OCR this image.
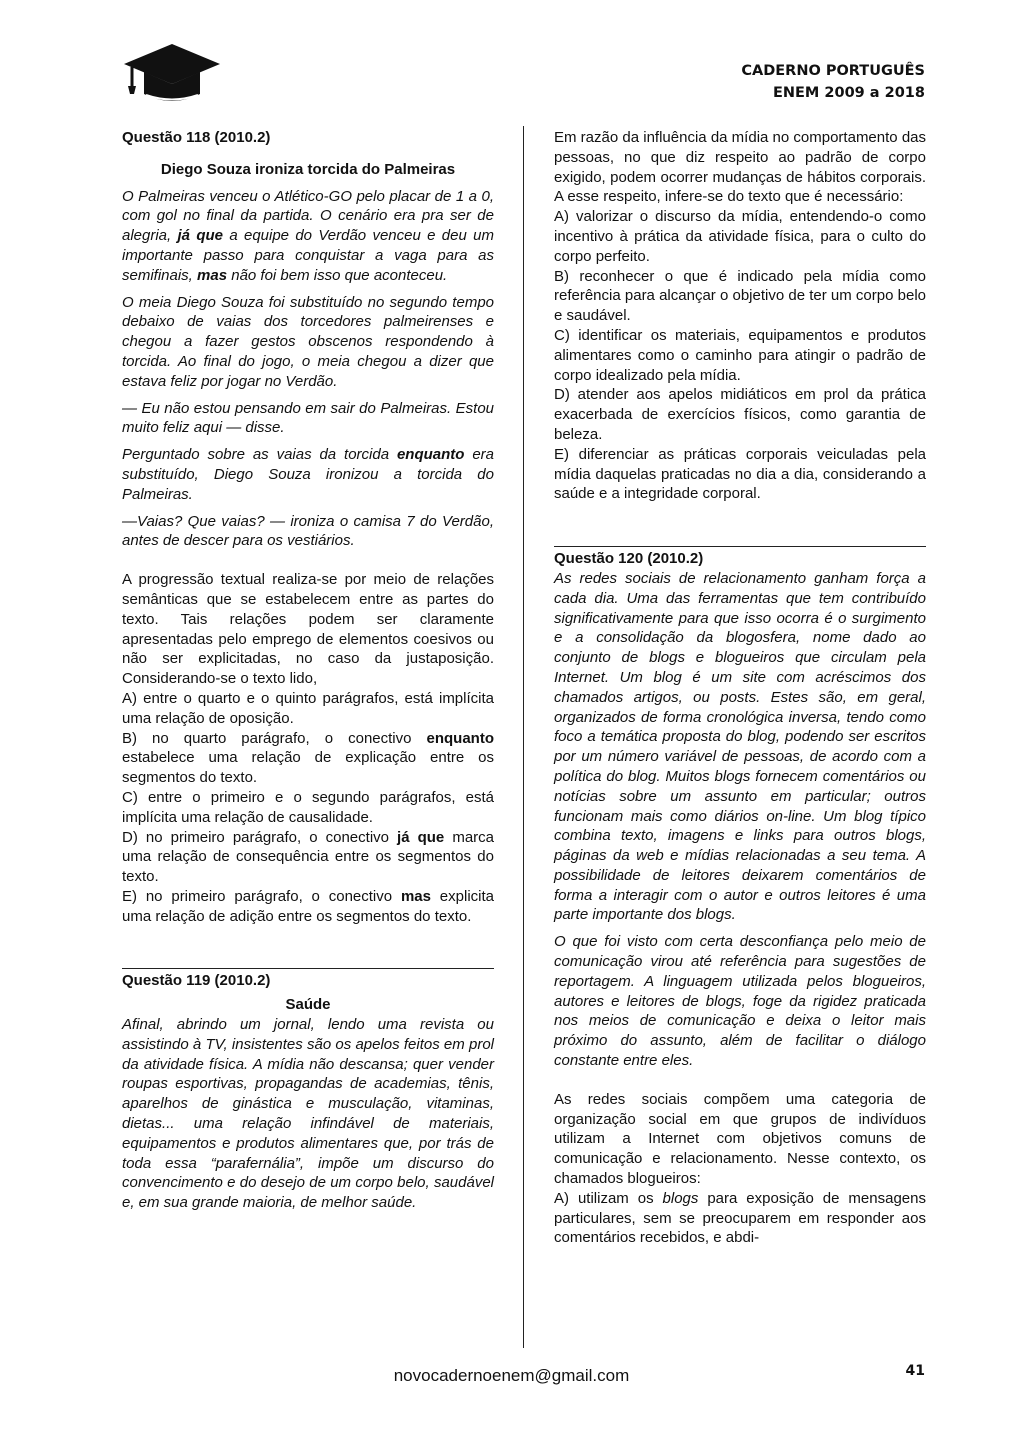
CADERNO PORTUGUÊS
ENEM 2009 a 2018

Questão 118 (2010.2)

Diego Souza ironiza torcida do Palmeiras

O Palmeiras venceu o Atlético-GO pelo placar de 1 a 0, com gol no final da partida. O cenário era pra ser de alegria, já que a equipe do Verdão venceu e deu um importante passo para conquistar a vaga para as semifinais, mas não foi bem isso que aconteceu.

O meia Diego Souza foi substituído no segundo tempo debaixo de vaias dos torcedores palmeirenses e chegou a fazer gestos obscenos respondendo à torcida. Ao final do jogo, o meia chegou a dizer que estava feliz por jogar no Verdão.

— Eu não estou pensando em sair do Palmeiras. Estou muito feliz aqui — disse.

Perguntado sobre as vaias da torcida enquanto era substituído, Diego Souza ironizou a torcida do Palmeiras.

—Vaias? Que vaias? — ironiza o camisa 7 do Verdão, antes de descer para os vestiários.

A progressão textual realiza-se por meio de relações semânticas que se estabelecem entre as partes do texto. Tais relações podem ser claramente apresentadas pelo emprego de elementos coesivos ou não ser explicitadas, no caso da justaposição. Considerando-se o texto lido,

A) entre o quarto e o quinto parágrafos, está implícita uma relação de oposição.

B) no quarto parágrafo, o conectivo enquanto estabelece uma relação de explicação entre os segmentos do texto.

C) entre o primeiro e o segundo parágrafos, está implícita uma relação de causalidade.

D) no primeiro parágrafo, o conectivo já que marca uma relação de consequência entre os segmentos do texto.

E) no primeiro parágrafo, o conectivo mas explicita uma relação de adição entre os segmentos do texto.

Questão 119 (2010.2)

Saúde

Afinal, abrindo um jornal, lendo uma revista ou assistindo à TV, insistentes são os apelos feitos em prol da atividade física. A mídia não descansa; quer vender roupas esportivas, propagandas de academias, tênis, aparelhos de ginástica e musculação, vitaminas, dietas... uma relação infindável de materiais, equipamentos e produtos alimentares que, por trás de toda essa “parafernália”, impõe um discurso do convencimento e do desejo de um corpo belo, saudável e, em sua grande maioria, de melhor saúde.

Em razão da influência da mídia no comportamento das pessoas, no que diz respeito ao padrão de corpo exigido, podem ocorrer mudanças de hábitos corporais. A esse respeito, infere-se do texto que é necessário:

A) valorizar o discurso da mídia, entendendo-o como incentivo à prática da atividade física, para o culto do corpo perfeito.

B) reconhecer o que é indicado pela mídia como referência para alcançar o objetivo de ter um corpo belo e saudável.

C) identificar os materiais, equipamentos e produtos alimentares como o caminho para atingir o padrão de corpo idealizado pela mídia.

D) atender aos apelos midiáticos em prol da prática exacerbada de exercícios físicos, como garantia de beleza.

E) diferenciar as práticas corporais veiculadas pela mídia daquelas praticadas no dia a dia, considerando a saúde e a integridade corporal.

Questão 120 (2010.2)

As redes sociais de relacionamento ganham força a cada dia. Uma das ferramentas que tem contribuído significativamente para que isso ocorra é o surgimento e a consolidação da blogosfera, nome dado ao conjunto de blogs e blogueiros que circulam pela Internet. Um blog é um site com acréscimos dos chamados artigos, ou posts. Estes são, em geral, organizados de forma cronológica inversa, tendo como foco a temática proposta do blog, podendo ser escritos por um número variável de pessoas, de acordo com a política do blog. Muitos blogs fornecem comentários ou notícias sobre um assunto em particular; outros funcionam mais como diários on-line. Um blog típico combina texto, imagens e links para outros blogs, páginas da web e mídias relacionadas a seu tema. A possibilidade de leitores deixarem comentários de forma a interagir com o autor e outros leitores é uma parte importante dos blogs.

O que foi visto com certa desconfiança pelo meio de comunicação virou até referência para sugestões de reportagem. A linguagem utilizada pelos blogueiros, autores e leitores de blogs, foge da rigidez praticada nos meios de comunicação e deixa o leitor mais próximo do assunto, além de facilitar o diálogo constante entre eles.

As redes sociais compõem uma categoria de organização social em que grupos de indivíduos utilizam a Internet com objetivos comuns de comunicação e relacionamento. Nesse contexto, os chamados blogueiros:

A) utilizam os blogs para exposição de mensagens particulares, sem se preocuparem em responder aos comentários recebidos, e abdi-

novocadernoenem@gmail.com	41
